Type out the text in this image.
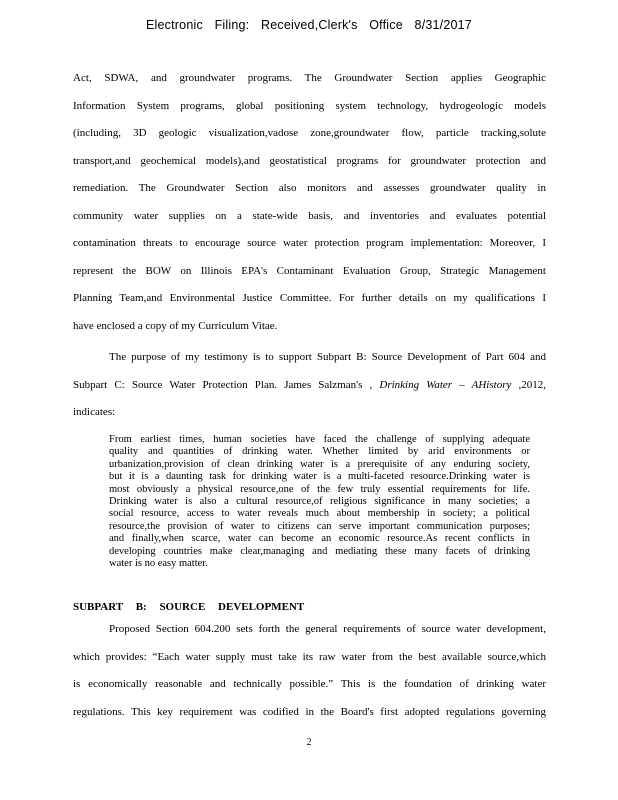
Electronic Filing: Received,Clerk's Office 8/31/2017
Act, SDWA, and groundwater programs. The Groundwater Section applies Geographic
Information System programs, global positioning system technology, hydrogeologic models
(including, 3D geologic visualization,vadose zone,groundwater flow, particle tracking,solute
transport,and geochemical models),and geostatistical programs for groundwater protection and
remediation. The Groundwater Section also monitors and assesses groundwater quality in
community water supplies on a state-wide basis, and inventories and evaluates potential
contamination threats to encourage source water protection program implementation: Moreover, I
represent the BOW on Illinois EPA's Contaminant Evaluation Group, Strategic Management
Planning Team,and Environmental Justice Committee. For further details on my qualifications I
have enclosed a copy of my Curriculum Vitae.
The purpose of my testimony is to support Subpart B: Source Development of Part 604 and
Subpart C: Source Water Protection Plan. James Salzman's , Drinking Water – AHistory ,2012,
indicates:
From earliest times, human societies have faced the challenge of supplying adequate
quality and quantities of drinking water. Whether limited by arid environments or
urbanization,provision of clean drinking water is a prerequisite of any enduring society,
but it is a daunting task for drinking water is a multi-faceted resource.Drinking water is
most obviously a physical resource,one of the few truly essential requirements for life.
Drinking water is also a cultural resource,of religious significance in many societies; a
social resource, access to water reveals much about membership in society; a political
resource,the provision of water to citizens can serve important communication purposes;
and finally,when scarce, water can become an economic resource.As recent conflicts in
developing countries make clear,managing and mediating these many facets of drinking
water is no easy matter.
SUBPART B: SOURCE DEVELOPMENT
Proposed Section 604.200 sets forth the general requirements of source water development,
which provides: “Each water supply must take its raw water from the best available source,which
is economically reasonable and technically possible.” This is the foundation of drinking water
regulations. This key requirement was codified in the Board's first adopted regulations governing
2
